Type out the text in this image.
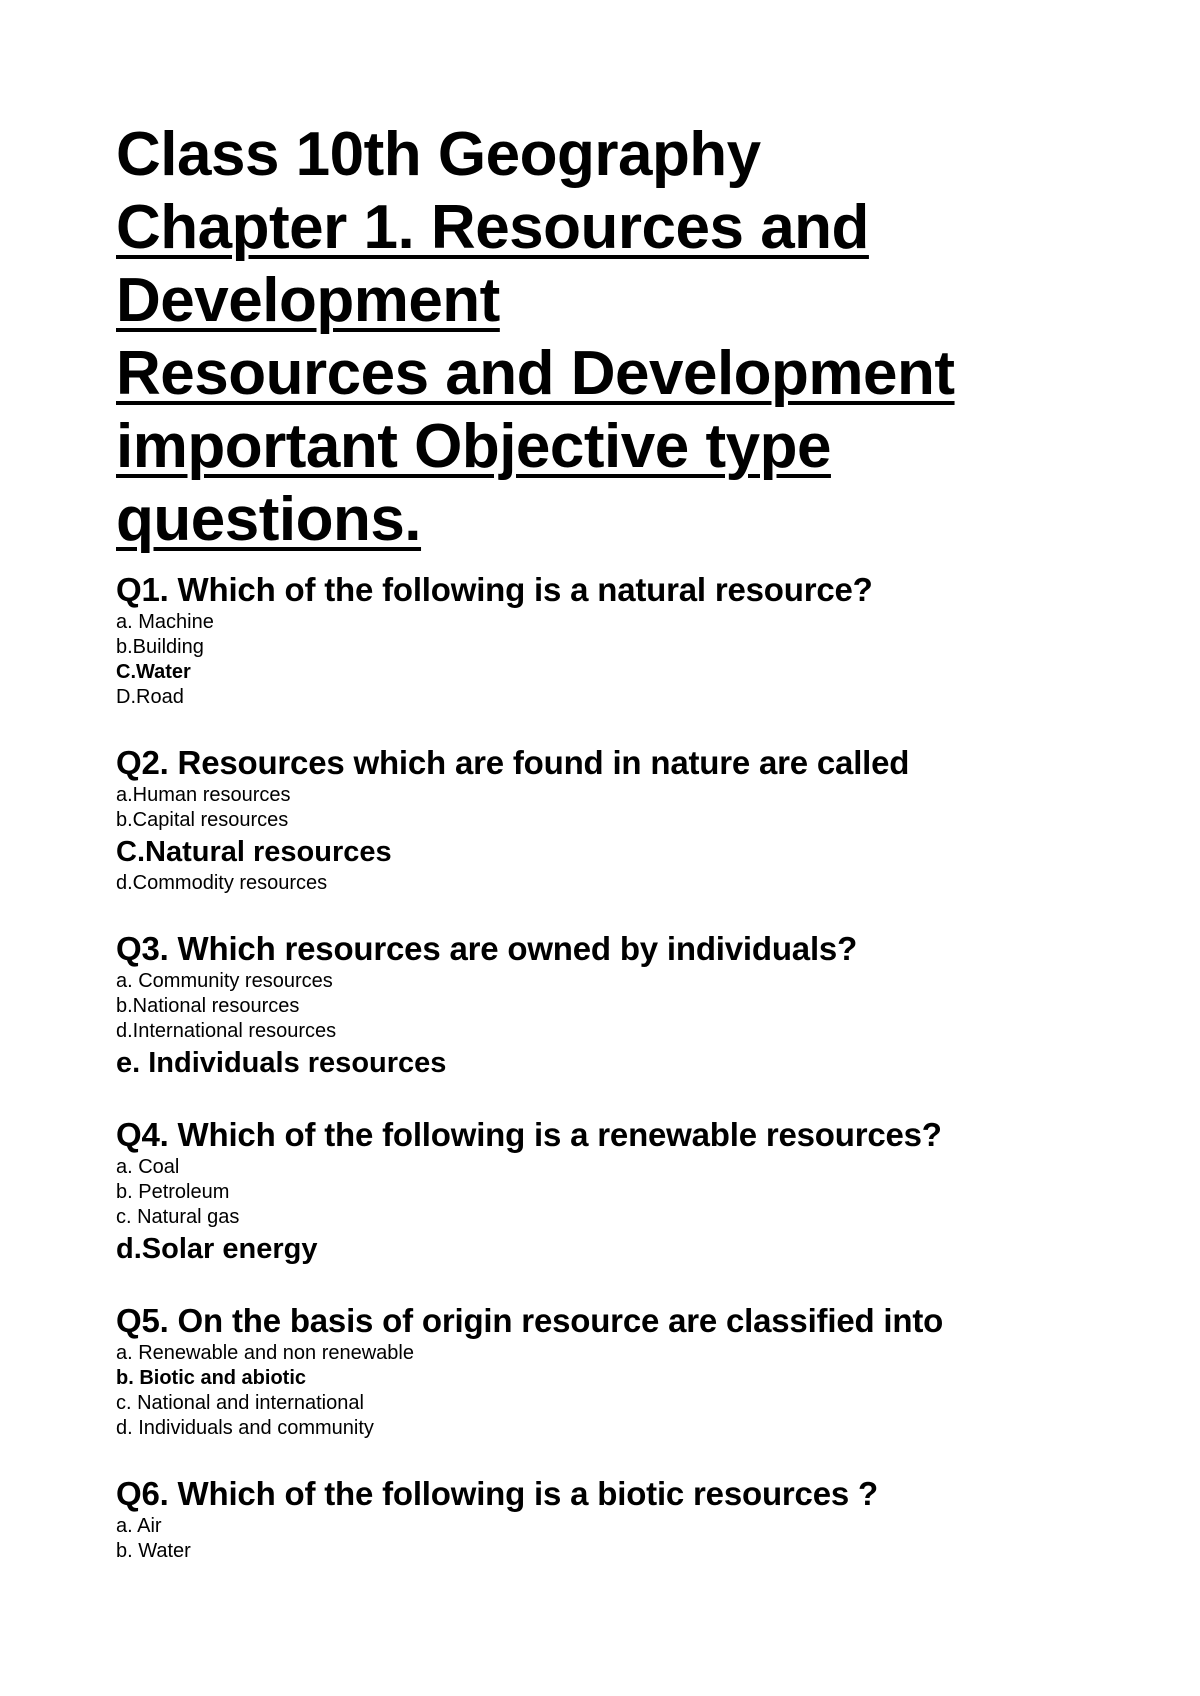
Class 10th Geography

Chapter 1. Resources and

Development

Resources and Development

important Objective type

questions.

Q1. Which of the following is a natural resource?

a. Machine
b.Building
C.Water
D.Road

Q2. Resources which are found in nature are called

a.Human resources
b.Capital resources
C.Natural resources
d.Commodity resources

Q3. Which resources are owned by individuals?

a. Community resources
b.National resources
d.International resources
e. Individuals resources

Q4. Which of the following is a renewable resources?

a. Coal
b. Petroleum
c. Natural gas
d.Solar energy

Q5. On the basis of origin resource are classified into

a. Renewable and non renewable
b. Biotic and abiotic
c. National and international
d. Individuals and community

Q6. Which of the following is a biotic resources ?

a. Air
b. Water
